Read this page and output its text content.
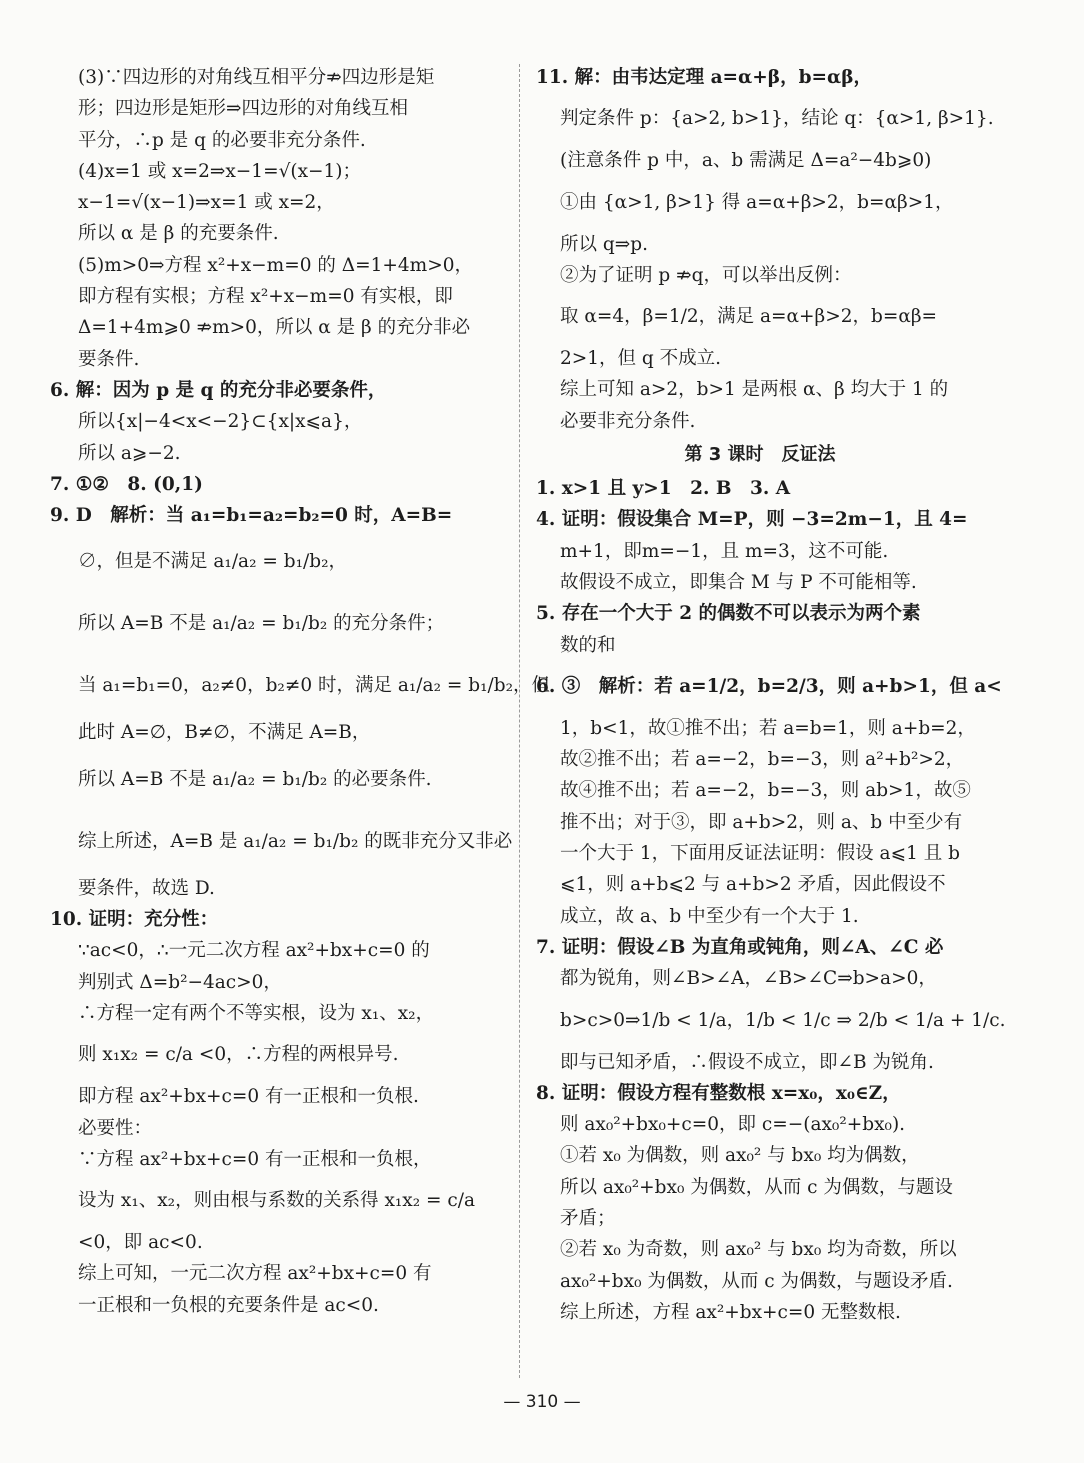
(3)∵四边形的对角线互相平分⇏四边形是矩
形；四边形是矩形⇒四边形的对角线互相
平分，∴p 是 q 的必要非充分条件.
(4)x=1 或 x=2⇒x−1=√(x−1)；
x−1=√(x−1)⇒x=1 或 x=2，
所以 α 是 β 的充要条件.
(5)m>0⇒方程 x²+x−m=0 的 Δ=1+4m>0，
即方程有实根；方程 x²+x−m=0 有实根，即
Δ=1+4m⩾0 ⇏m>0，所以 α 是 β 的充分非必
要条件.
6. 解：因为 p 是 q 的充分非必要条件，
所以{x|−4<x<−2}⊂{x|x⩽a}，
所以 a⩾−2.
7. ①②　8. (0,1)
9. D　解析：当 a₁=b₁=a₂=b₂=0 时，A=B=
∅，但是不满足 a₁/a₂ = b₁/b₂，
所以 A=B 不是 a₁/a₂ = b₁/b₂ 的充分条件；
当 a₁=b₁=0，a₂≠0，b₂≠0 时，满足 a₁/a₂ = b₁/b₂，但
此时 A=∅，B≠∅，不满足 A=B，
所以 A=B 不是 a₁/a₂ = b₁/b₂ 的必要条件.
综上所述，A=B 是 a₁/a₂ = b₁/b₂ 的既非充分又非必
要条件，故选 D.
10. 证明：充分性：
∵ac<0，∴一元二次方程 ax²+bx+c=0 的
判别式 Δ=b²−4ac>0，
∴方程一定有两个不等实根，设为 x₁、x₂，
则 x₁x₂ = c/a <0，∴方程的两根异号.
即方程 ax²+bx+c=0 有一正根和一负根.
必要性：
∵方程 ax²+bx+c=0 有一正根和一负根，
设为 x₁、x₂，则由根与系数的关系得 x₁x₂ = c/a
<0，即 ac<0.
综上可知，一元二次方程 ax²+bx+c=0 有
一正根和一负根的充要条件是 ac<0.
11. 解：由韦达定理 a=α+β，b=αβ，
判定条件 p：{a>2, b>1}，结论 q：{α>1, β>1}.
(注意条件 p 中，a、b 需满足 Δ=a²−4b⩾0)
①由 {α>1, β>1} 得 a=α+β>2，b=αβ>1，
所以 q⇒p.
②为了证明 p ⇏q，可以举出反例：
取 α=4，β=1/2，满足 a=α+β>2，b=αβ=
2>1，但 q 不成立.
综上可知 a>2，b>1 是两根 α、β 均大于 1 的
必要非充分条件.
第 3 课时　反证法
1. x>1 且 y>1　2. B　3. A
4. 证明：假设集合 M=P，则 −3=2m−1，且 4=
m+1，即m=−1，且 m=3，这不可能.
故假设不成立，即集合 M 与 P 不可能相等.
5. 存在一个大于 2 的偶数不可以表示为两个素
数的和
6. ③　解析：若 a=1/2，b=2/3，则 a+b>1，但 a<
1，b<1，故①推不出；若 a=b=1，则 a+b=2，
故②推不出；若 a=−2，b=−3，则 a²+b²>2，
故④推不出；若 a=−2，b=−3，则 ab>1，故⑤
推不出；对于③，即 a+b>2，则 a、b 中至少有
一个大于 1，下面用反证法证明：假设 a⩽1 且 b
⩽1，则 a+b⩽2 与 a+b>2 矛盾，因此假设不
成立，故 a、b 中至少有一个大于 1.
7. 证明：假设∠B 为直角或钝角，则∠A、∠C 必
都为锐角，则∠B>∠A，∠B>∠C⇒b>a>0，
b>c>0⇒1/b < 1/a，1/b < 1/c ⇒ 2/b < 1/a + 1/c.
即与已知矛盾，∴假设不成立，即∠B 为锐角.
8. 证明：假设方程有整数根 x=x₀，x₀∈Z，
则 ax₀²+bx₀+c=0，即 c=−(ax₀²+bx₀).
①若 x₀ 为偶数，则 ax₀² 与 bx₀ 均为偶数，
所以 ax₀²+bx₀ 为偶数，从而 c 为偶数，与题设
矛盾；
②若 x₀ 为奇数，则 ax₀² 与 bx₀ 均为奇数，所以
ax₀²+bx₀ 为偶数，从而 c 为偶数，与题设矛盾.
综上所述，方程 ax²+bx+c=0 无整数根.
— 310 —
